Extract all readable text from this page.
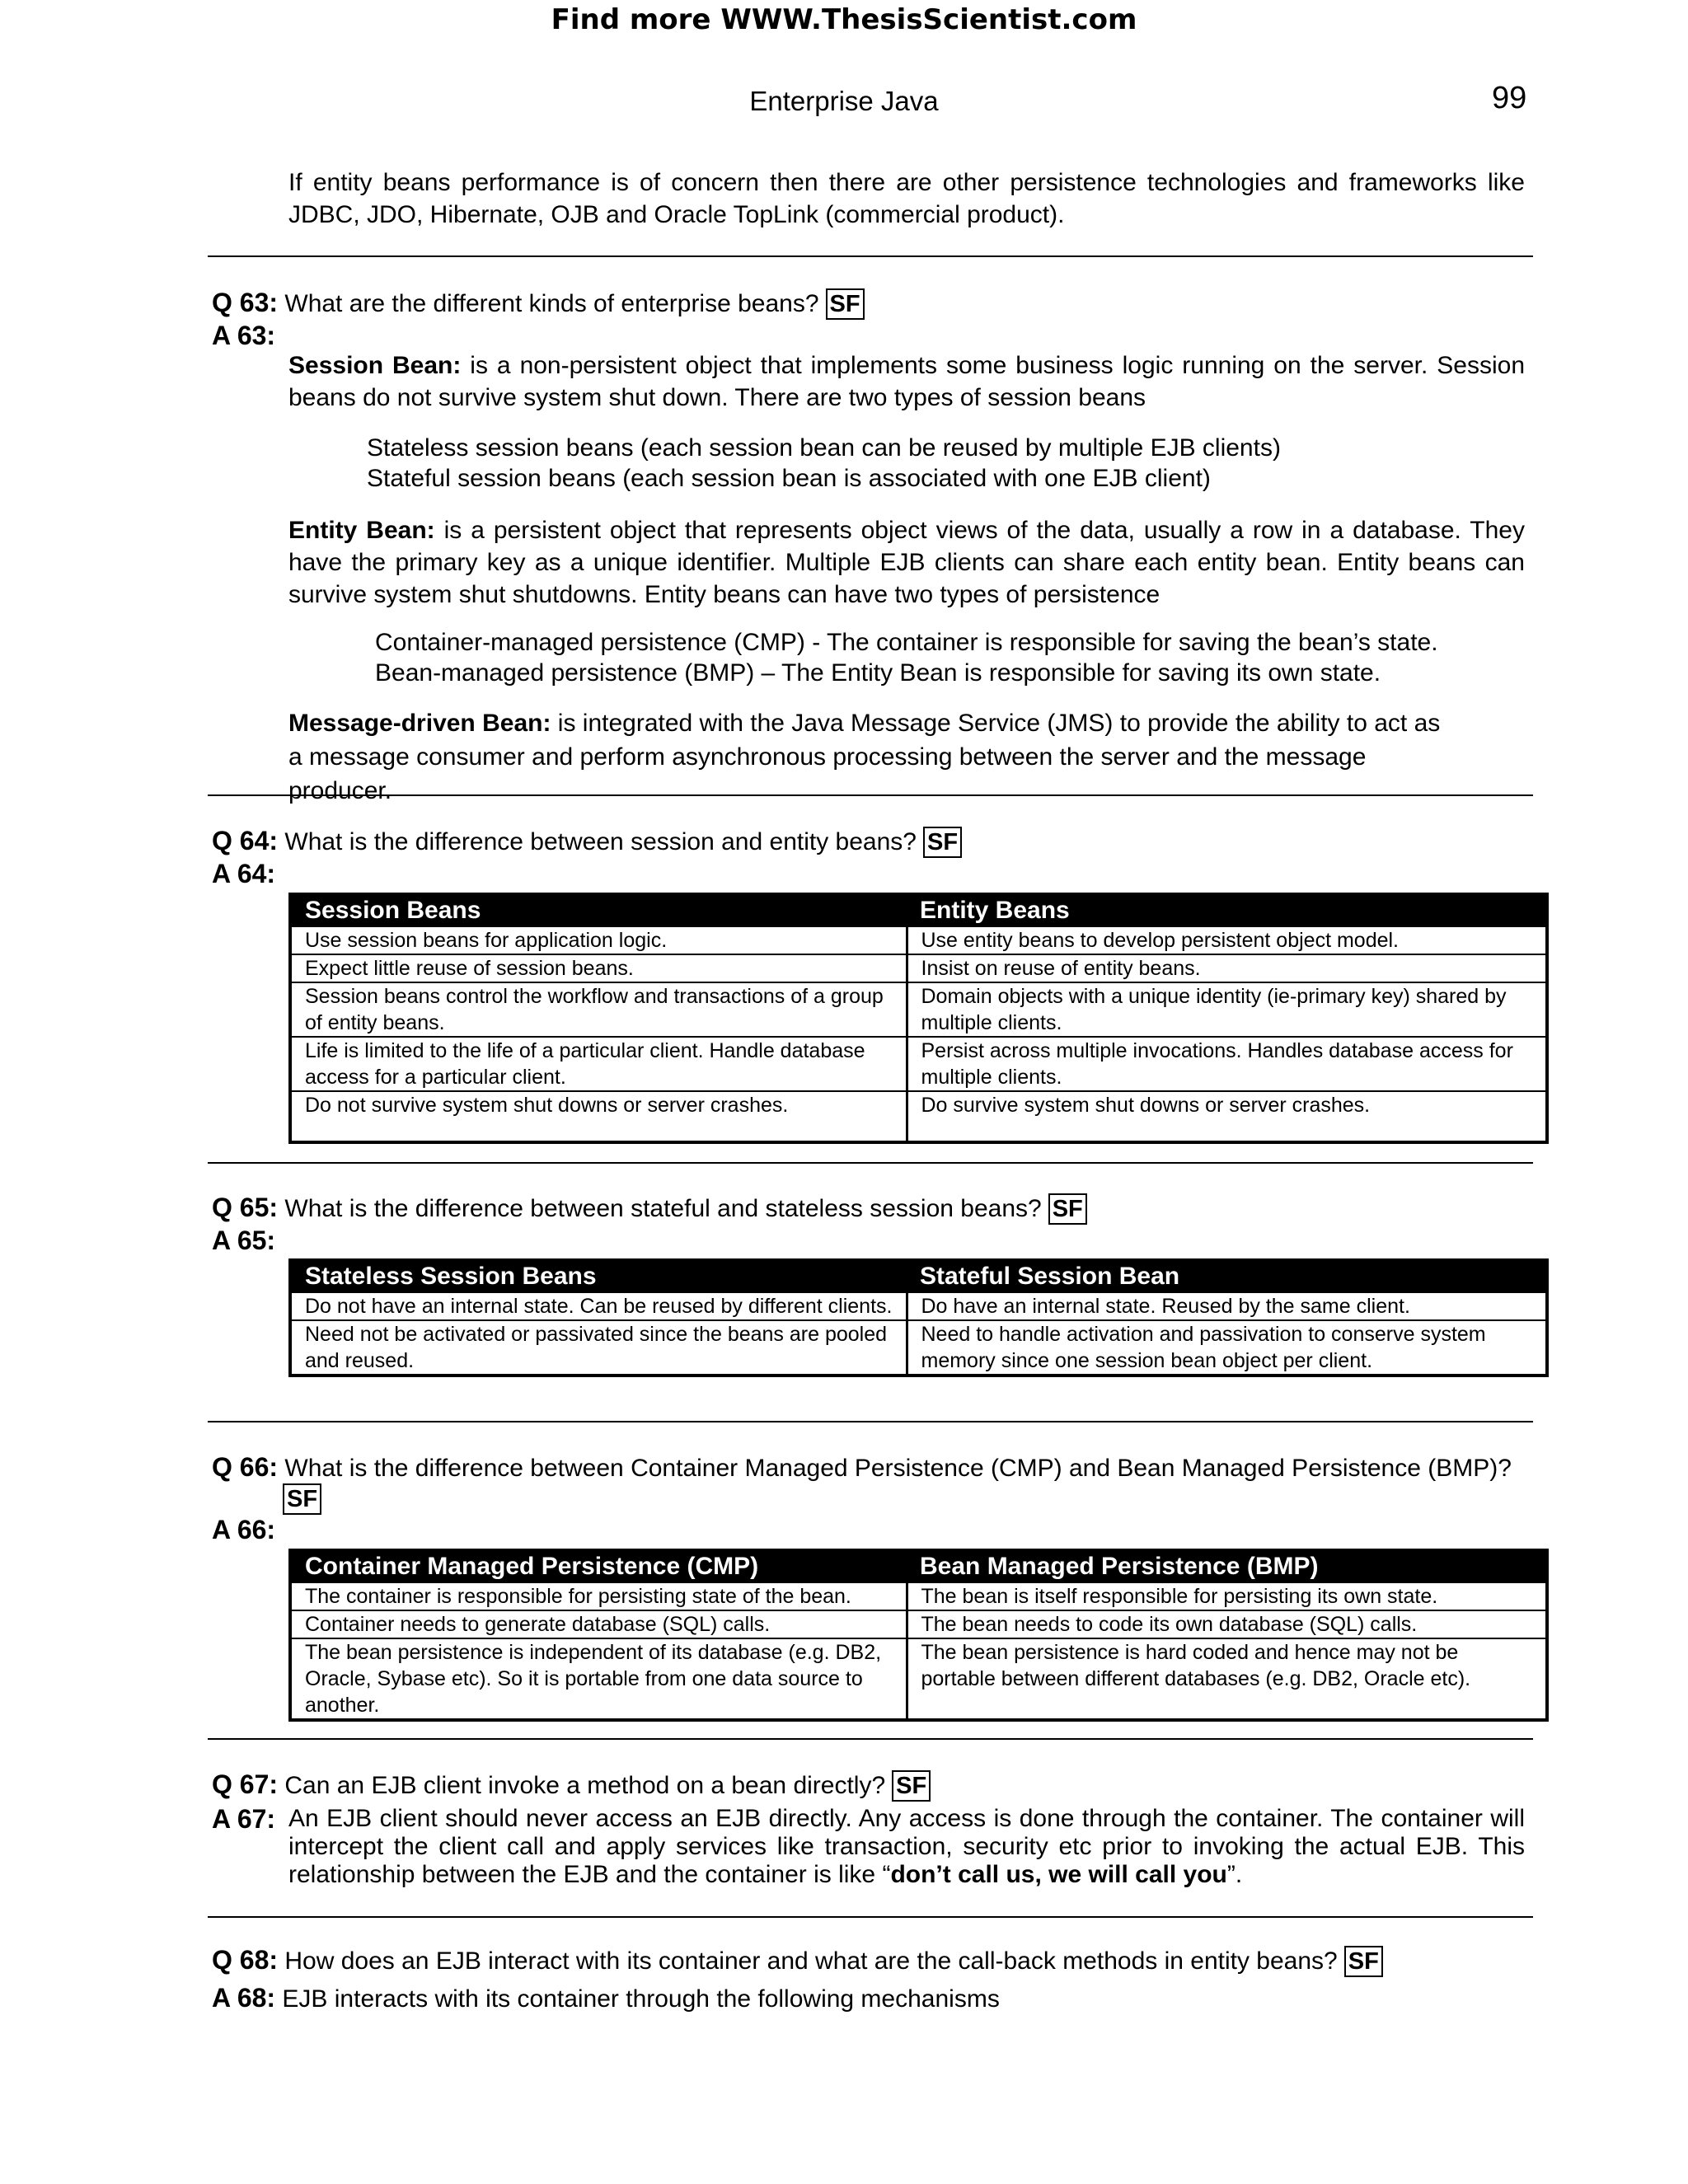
Find more WWW.ThesisScientist.com
Enterprise Java	99
If entity beans performance is of concern then there are other persistence technologies and frameworks like JDBC, JDO, Hibernate, OJB and Oracle TopLink (commercial product).
Q 63: What are the different kinds of enterprise beans? SF
A 63:
Session Bean: is a non-persistent object that implements some business logic running on the server. Session beans do not survive system shut down. There are two types of session beans
Stateless session beans (each session bean can be reused by multiple EJB clients)
Stateful session beans (each session bean is associated with one EJB client)
Entity Bean: is a persistent object that represents object views of the data, usually a row in a database. They have the primary key as a unique identifier. Multiple EJB clients can share each entity bean. Entity beans can survive system shut shutdowns. Entity beans can have two types of persistence
Container-managed persistence (CMP) - The container is responsible for saving the bean’s state.
Bean-managed persistence (BMP) – The Entity Bean is responsible for saving its own state.
Message-driven Bean: is integrated with the Java Message Service (JMS) to provide the ability to act as a message consumer and perform asynchronous processing between the server and the message producer.
Q 64: What is the difference between session and entity beans? SF
A 64:
Session Beans	Entity Beans
Use session beans for application logic.	Use entity beans to develop persistent object model.
Expect little reuse of session beans.	Insist on reuse of entity beans.
Session beans control the workflow and transactions of a group of entity beans.	Domain objects with a unique identity (ie-primary key) shared by multiple clients.
Life is limited to the life of a particular client. Handle database access for a particular client.	Persist across multiple invocations. Handles database access for multiple clients.
Do not survive system shut downs or server crashes.	Do survive system shut downs or server crashes.
Q 65: What is the difference between stateful and stateless session beans? SF
A 65:
Stateless Session Beans	Stateful Session Bean
Do not have an internal state. Can be reused by different clients.	Do have an internal state. Reused by the same client.
Need not be activated or passivated since the beans are pooled and reused.	Need to handle activation and passivation to conserve system memory since one session bean object per client.
Q 66: What is the difference between Container Managed Persistence (CMP) and Bean Managed Persistence (BMP)?
SF
A 66:
Container Managed Persistence (CMP)	Bean Managed Persistence (BMP)
The container is responsible for persisting state of the bean.	The bean is itself responsible for persisting its own state.
Container needs to generate database (SQL) calls.	The bean needs to code its own database (SQL) calls.
The bean persistence is independent of its database (e.g. DB2, Oracle, Sybase etc). So it is portable from one data source to another.	The bean persistence is hard coded and hence may not be portable between different databases (e.g. DB2, Oracle etc).
Q 67: Can an EJB client invoke a method on a bean directly? SF
A 67: An EJB client should never access an EJB directly. Any access is done through the container. The container will intercept the client call and apply services like transaction, security etc prior to invoking the actual EJB. This relationship between the EJB and the container is like “don’t call us, we will call you”.
Q 68: How does an EJB interact with its container and what are the call-back methods in entity beans? SF
A 68: EJB interacts with its container through the following mechanisms
